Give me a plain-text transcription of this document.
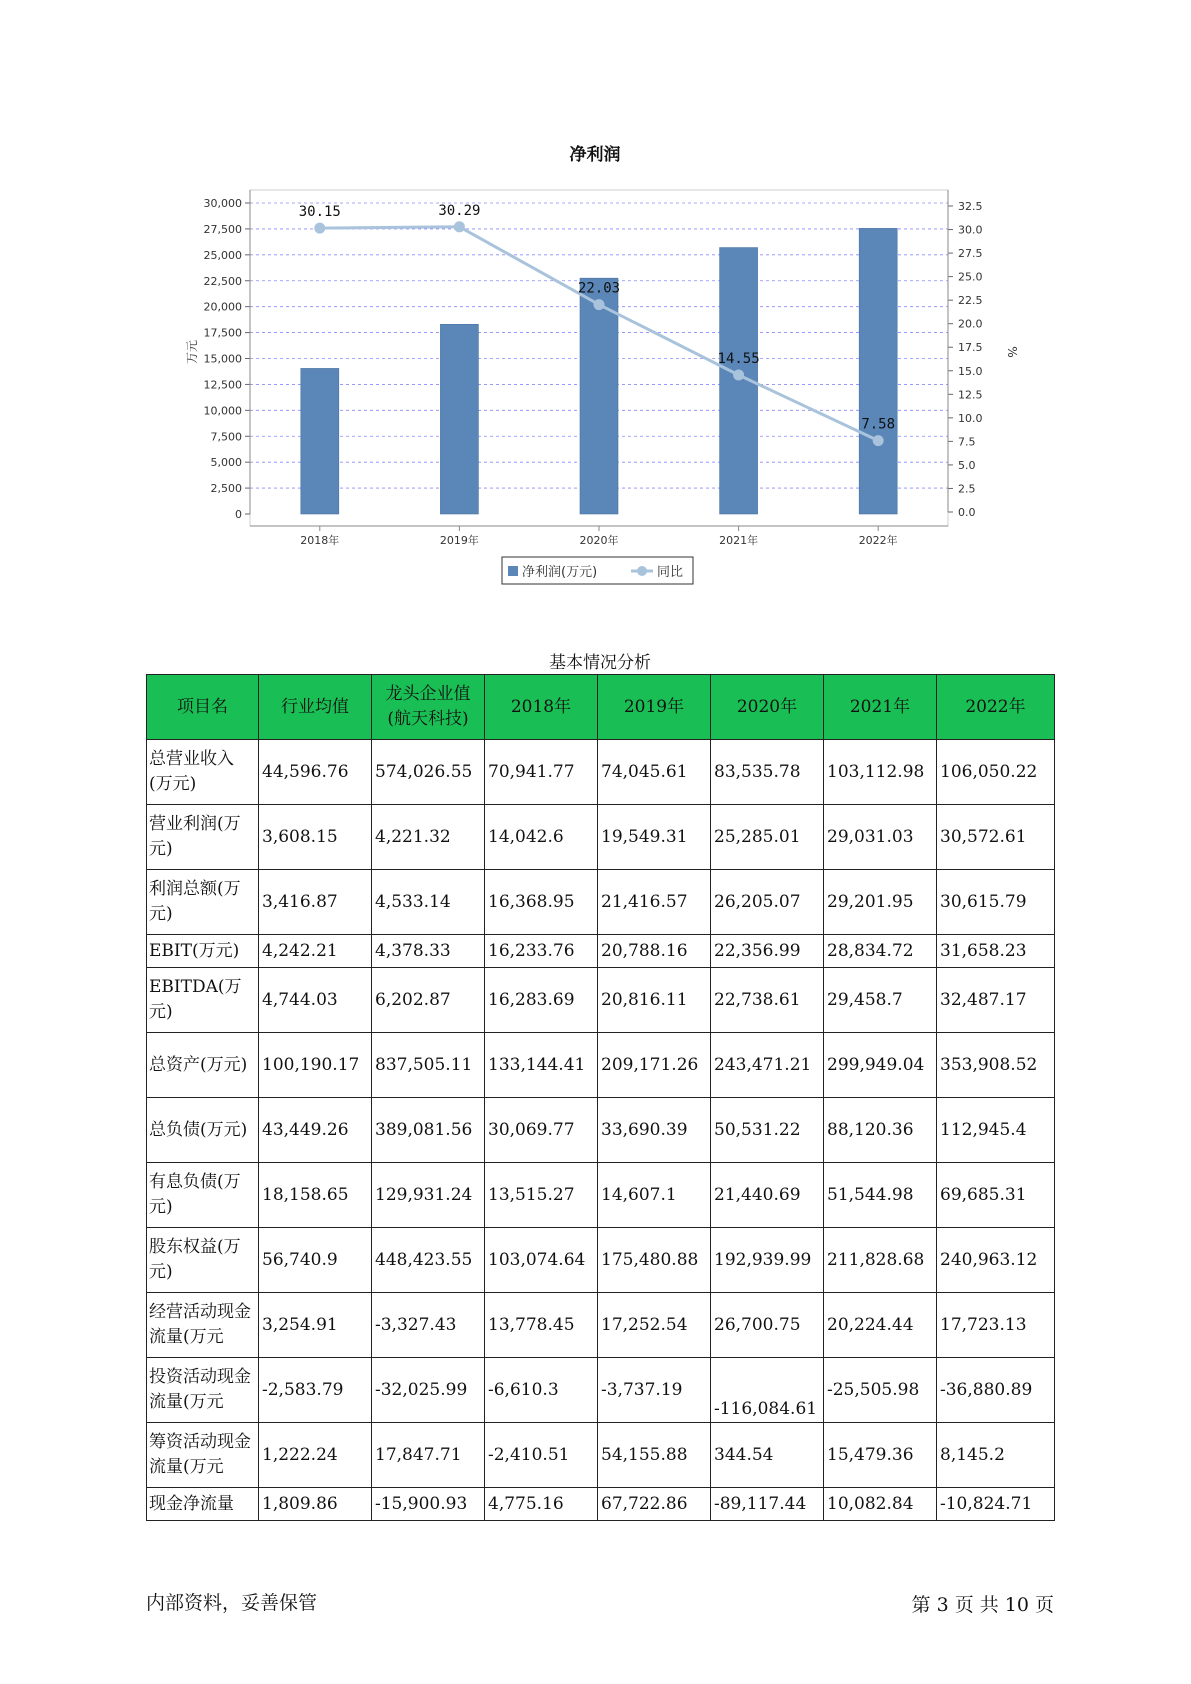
净利润
0
2,500
5,000
7,500
10,000
12,500
15,000
17,500
20,000
22,500
25,000
27,500
30,000
0.0
2.5
5.0
7.5
10.0
12.5
15.0
17.5
20.0
22.5
25.0
27.5
30.0
32.5
万元	%
2018年	2019年	2020年	2021年	2022年
30.15	30.29
22.03
14.55
7.58
净利润(万元)	同比
基本情况分析
项目名	行业均值	龙头企业值(航天科技)	2018年	2019年	2020年	2021年	2022年
总营业收入(万元)	44,596.76	574,026.55	70,941.77	74,045.61	83,535.78	103,112.98	106,050.22
营业利润(万元)	3,608.15	4,221.32	14,042.6	19,549.31	25,285.01	29,031.03	30,572.61
利润总额(万元)	3,416.87	4,533.14	16,368.95	21,416.57	26,205.07	29,201.95	30,615.79
EBIT(万元)	4,242.21	4,378.33	16,233.76	20,788.16	22,356.99	28,834.72	31,658.23
EBITDA(万元)	4,744.03	6,202.87	16,283.69	20,816.11	22,738.61	29,458.7	32,487.17
总资产(万元)	100,190.17	837,505.11	133,144.41	209,171.26	243,471.21	299,949.04	353,908.52
总负债(万元)	43,449.26	389,081.56	30,069.77	33,690.39	50,531.22	88,120.36	112,945.4
有息负债(万元)	18,158.65	129,931.24	13,515.27	14,607.1	21,440.69	51,544.98	69,685.31
股东权益(万元)	56,740.9	448,423.55	103,074.64	175,480.88	192,939.99	211,828.68	240,963.12
经营活动现金流量(万元	3,254.91	-3,327.43	13,778.45	17,252.54	26,700.75	20,224.44	17,723.13
投资活动现金流量(万元	-2,583.79	-32,025.99	-6,610.3	-3,737.19	-116,084.61	-25,505.98	-36,880.89
筹资活动现金流量(万元	1,222.24	17,847.71	-2,410.51	54,155.88	344.54	15,479.36	8,145.2
现金净流量	1,809.86	-15,900.93	4,775.16	67,722.86	-89,117.44	10,082.84	-10,824.71
内部资料，妥善保管	第 3 页 共 10 页
